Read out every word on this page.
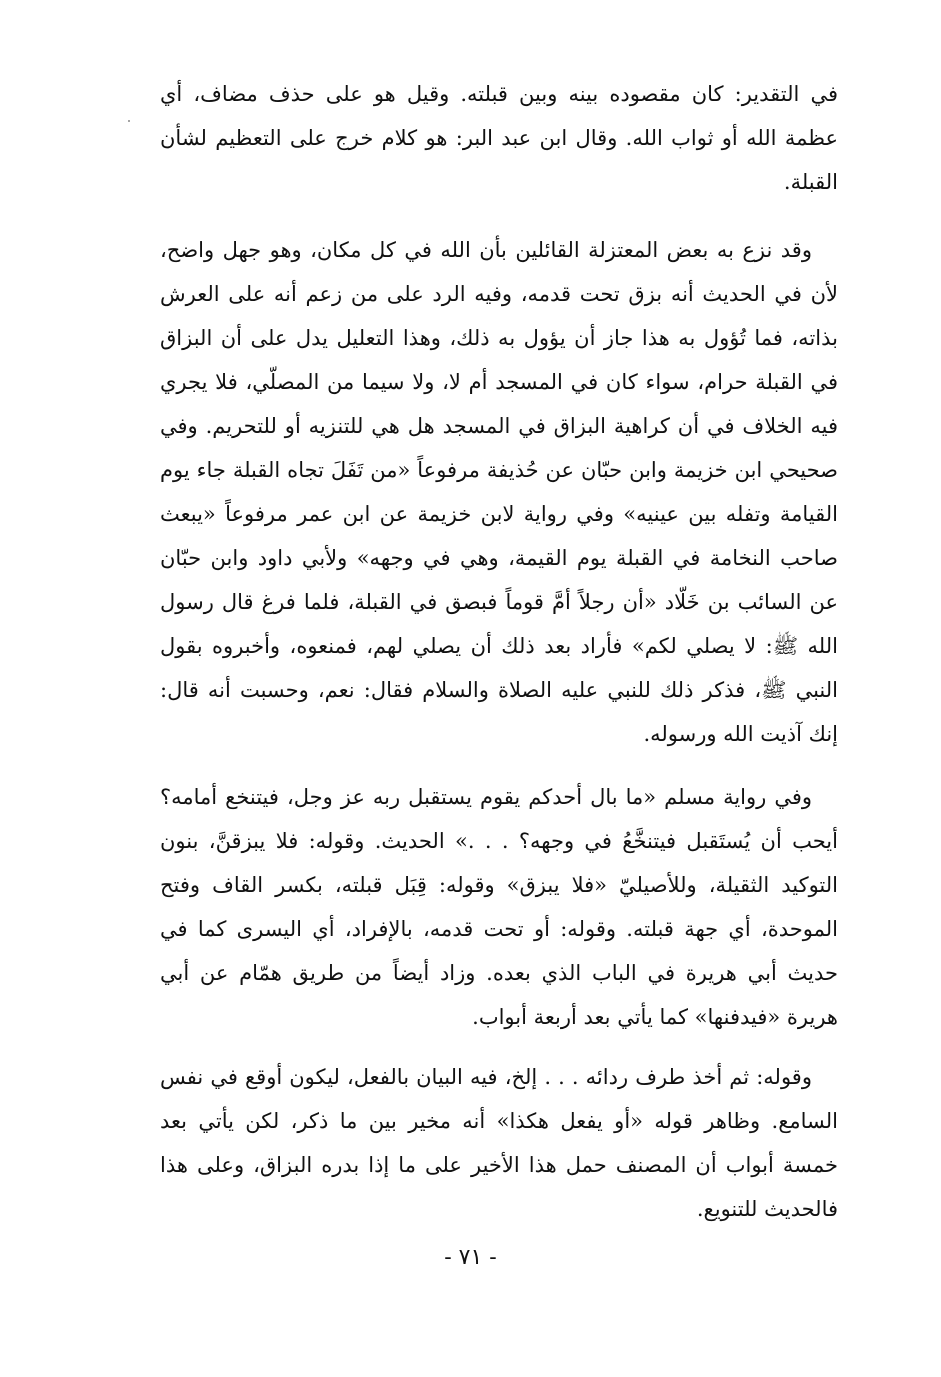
في التقدير: كان مقصوده بينه وبين قبلته. وقيل هو على حذف مضاف، أي عظمة الله أو ثواب الله. وقال ابن عبد البر: هو كلام خرج على التعظيم لشأن القبلة.

وقد نزع به بعض المعتزلة القائلين بأن الله في كل مكان، وهو جهل واضح، لأن في الحديث أنه بزق تحت قدمه، وفيه الرد على من زعم أنه على العرش بذاته، فما تُؤول به هذا جاز أن يؤول به ذلك، وهذا التعليل يدل على أن البزاق في القبلة حرام، سواء كان في المسجد أم لا، ولا سيما من المصلّي، فلا يجري فيه الخلاف في أن كراهية البزاق في المسجد هل هي للتنزيه أو للتحريم. وفي صحيحي ابن خزيمة وابن حبّان عن حُذيفة مرفوعاً «من تَفَلَ تجاه القبلة جاء يوم القيامة وتفله بين عينيه» وفي رواية لابن خزيمة عن ابن عمر مرفوعاً «يبعث صاحب النخامة في القبلة يوم القيمة، وهي في وجهه» ولأبي داود وابن حبّان عن السائب بن خَلّاد «أن رجلاً أمَّ قوماً فبصق في القبلة، فلما فرغ قال رسول الله ﷺ: لا يصلي لكم» فأراد بعد ذلك أن يصلي لهم، فمنعوه، وأخبروه بقول النبي ﷺ، فذكر ذلك للنبي عليه الصلاة والسلام فقال: نعم، وحسبت أنه قال: إنك آذيت الله ورسوله.

وفي رواية مسلم «ما بال أحدكم يقوم يستقبل ربه عز وجل، فيتنخع أمامه؟ أيحب أن يُستَقبل فيتنخَّعُ في وجهه؟ . . .» الحديث. وقوله: فلا يبزقنَّ، بنون التوكيد الثقيلة، وللأصيليّ «فلا يبزق» وقوله: قِبَل قبلته، بكسر القاف وفتح الموحدة، أي جهة قبلته. وقوله: أو تحت قدمه، بالإفراد، أي اليسرى كما في حديث أبي هريرة في الباب الذي بعده. وزاد أيضاً من طريق همّام عن أبي هريرة «فيدفنها» كما يأتي بعد أربعة أبواب.

وقوله: ثم أخذ طرف ردائه . . . إلخ، فيه البيان بالفعل، ليكون أوقع في نفس السامع. وظاهر قوله «أو يفعل هكذا» أنه مخير بين ما ذكر، لكن يأتي بعد خمسة أبواب أن المصنف حمل هذا الأخير على ما إذا بدره البزاق، وعلى هذا فالحديث للتنويع.

- ٧١ -
